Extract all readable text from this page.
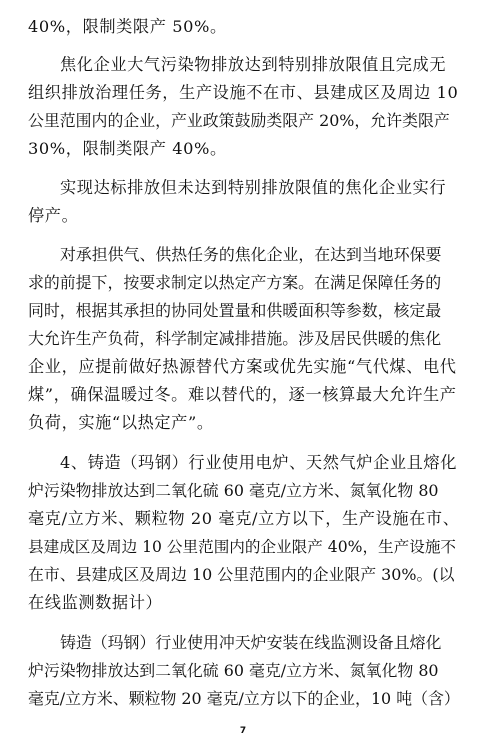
40%，限制类限产 50%。
焦化企业大气污染物排放达到特别排放限值且完成无
组织排放治理任务，生产设施不在市、县建成区及周边 10
公里范围内的企业，产业政策鼓励类限产 20%，允许类限产
30%，限制类限产 40%。
实现达标排放但未达到特别排放限值的焦化企业实行
停产。
对承担供气、供热任务的焦化企业，在达到当地环保要
求的前提下，按要求制定以热定产方案。在满足保障任务的
同时，根据其承担的协同处置量和供暖面积等参数，核定最
大允许生产负荷，科学制定减排措施。涉及居民供暖的焦化
企业，应提前做好热源替代方案或优先实施“气代煤、电代
煤”，确保温暖过冬。难以替代的，逐一核算最大允许生产
负荷，实施“以热定产”。
4、铸造（玛钢）行业使用电炉、天然气炉企业且熔化
炉污染物排放达到二氧化硫 60 毫克/立方米、氮氧化物 80
毫克/立方米、颗粒物 20 毫克/立方以下，生产设施在市、
县建成区及周边 10 公里范围内的企业限产 40%，生产设施不
在市、县建成区及周边 10 公里范围内的企业限产 30%。(以
在线监测数据计）
铸造（玛钢）行业使用冲天炉安装在线监测设备且熔化
炉污染物排放达到二氧化硫 60 毫克/立方米、氮氧化物 80
毫克/立方米、颗粒物 20 毫克/立方以下的企业，10 吨（含）
7
